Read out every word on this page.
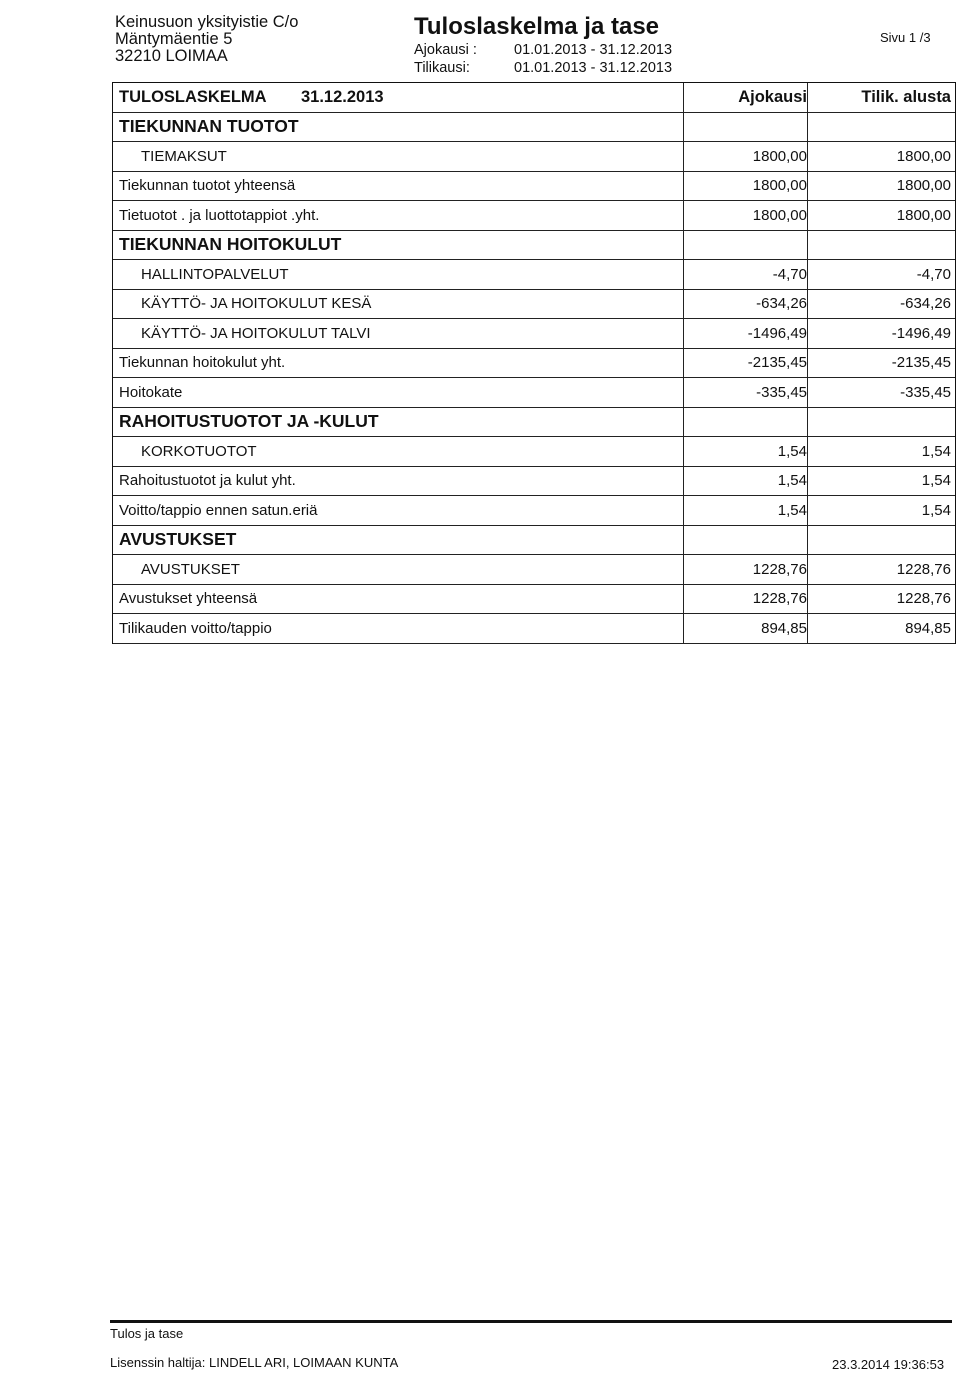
Keinusuon yksityistie C/o
Mäntymäentie 5
32210 LOIMAA
Tuloslaskelma ja tase
Ajokausi :	01.01.2013 - 31.12.2013
Tilikausi:	01.01.2013 - 31.12.2013
Sivu 1 /3
TULOSLASKELMA 31.12.2013	Ajokausi	Tilik. alusta
TIEKUNNAN TUOTOT
TIEMAKSUT	1800,00	1800,00
Tiekunnan tuotot yhteensä	1800,00	1800,00
Tietuotot . ja luottotappiot .yht.	1800,00	1800,00
TIEKUNNAN HOITOKULUT
HALLINTOPALVELUT	-4,70	-4,70
KÄYTTÖ- JA HOITOKULUT KESÄ	-634,26	-634,26
KÄYTTÖ- JA HOITOKULUT TALVI	-1496,49	-1496,49
Tiekunnan hoitokulut yht.	-2135,45	-2135,45
Hoitokate	-335,45	-335,45
RAHOITUSTUOTOT JA -KULUT
KORKOTUOTOT	1,54	1,54
Rahoitustuotot ja kulut yht.	1,54	1,54
Voitto/tappio ennen satun.eriä	1,54	1,54
AVUSTUKSET
AVUSTUKSET	1228,76	1228,76
Avustukset yhteensä	1228,76	1228,76
Tilikauden voitto/tappio	894,85	894,85
Tulos ja tase
Lisenssin haltija: LINDELL ARI, LOIMAAN KUNTA	23.3.2014 19:36:53
